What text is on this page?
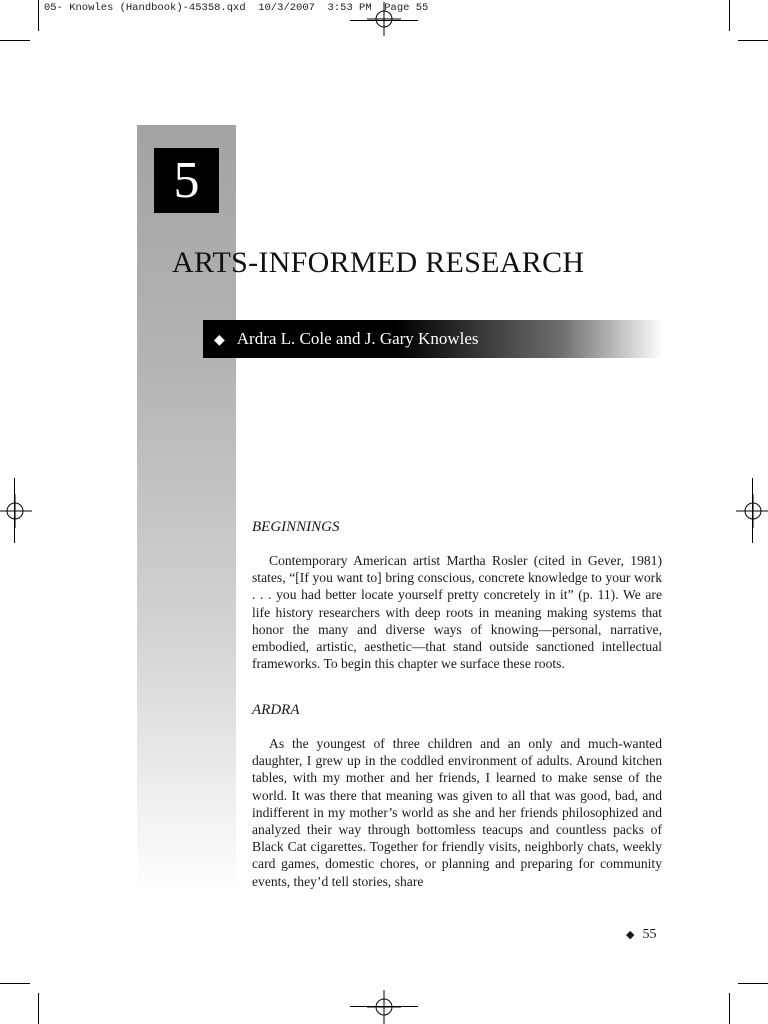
05- Knowles (Handbook)-45358.qxd  10/3/2007  3:53 PM  Page 55
5
ARTS-INFORMED RESEARCH
◆ Ardra L. Cole and J. Gary Knowles
BEGINNINGS
Contemporary American artist Martha Rosler (cited in Gever, 1981) states, “[If you want to] bring conscious, concrete knowledge to your work . . . you had better locate yourself pretty concretely in it” (p. 11). We are life history researchers with deep roots in meaning making systems that honor the many and diverse ways of knowing—personal, narrative, embodied, artistic, aesthetic—that stand outside sanctioned intellectual frameworks. To begin this chapter we surface these roots.
ARDRA
As the youngest of three children and an only and much-wanted daughter, I grew up in the coddled environment of adults. Around kitchen tables, with my mother and her friends, I learned to make sense of the world. It was there that meaning was given to all that was good, bad, and indifferent in my mother’s world as she and her friends philosophized and analyzed their way through bottomless teacups and countless packs of Black Cat cigarettes. Together for friendly visits, neighborly chats, weekly card games, domestic chores, or planning and preparing for community events, they’d tell stories, share
◆ 55
